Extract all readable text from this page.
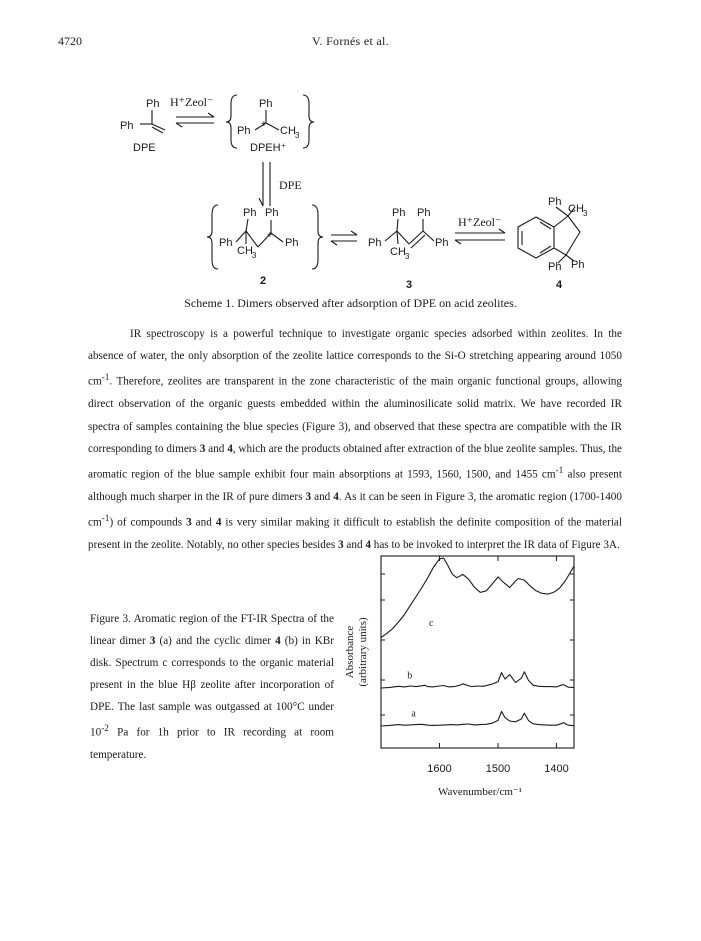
4720	V. Fornés et al.
Ph
Ph
DPE
H⁺Zeol⁻	Ph
Ph
+
CH 3
DPEH⁺
DPE
Ph Ph
Ph	Ph
+
CH 3
2
Ph Ph
Ph	Ph
CH 3
3
H⁺Zeol⁻
Ph
CH 3
Ph Ph
4
Scheme 1. Dimers observed after adsorption of DPE on acid zeolites.

IR spectroscopy is a powerful technique to investigate organic species adsorbed within zeolites. In the absence of water, the only absorption of the zeolite lattice corresponds to the Si-O stretching appearing around 1050 $cm^{-1}$. Therefore, zeolites are transparent in the zone characteristic of the main organic functional groups, allowing direct observation of the organic guests embedded within the aluminosilicate solid matrix. We have recorded IR spectra of samples containing the blue species (Figure 3), and observed that these spectra are compatible with the IR corresponding to dimers 3 and 4, which are the products obtained after extraction of the blue zeolite samples. Thus, the aromatic region of the blue sample exhibit four main absorptions at 1593, 1560, 1500, and 1455 $cm^{-1}$ also present although much sharper in the IR of pure dimers 3 and 4. As it can be seen in Figure 3, the aromatic region (1700-1400 $cm^{-1}$) of compounds 3 and 4 is very similar making it difficult to establish the definite composition of the material present in the zeolite. Notably, no other species besides 3 and 4 has to be invoked to interpret the IR data of Figure 3A.

Figure 3. Aromatic region of the FT-IR Spectra of the linear dimer 3 (a) and the cyclic dimer 4 (b) in KBr disk. Spectrum c corresponds to the organic material present in the blue Hβ zeolite after incorporation of DPE. The last sample was outgassed at 100°C under $10^{-2}$ Pa for 1h prior to IR recording at room temperature.
c
b
a
1600	1500	1400
Wavenumber/cm⁻¹
Absorbance (arbitrary units)
